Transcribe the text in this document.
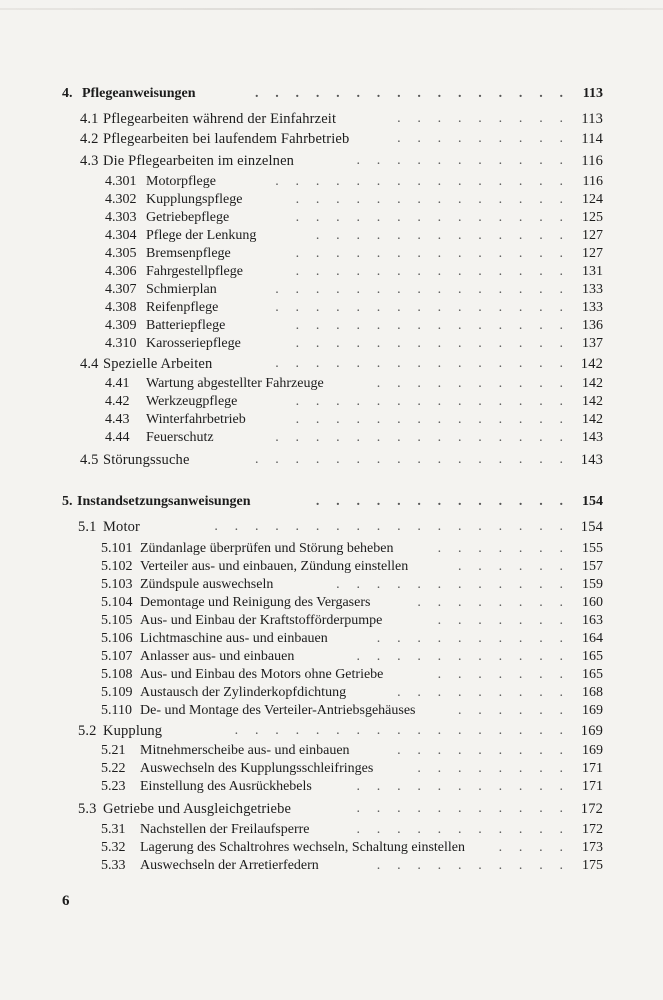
4. Pflegeanweisungen	113
.  .  .  .  .  .  .  .  .  .  .  .  .  .  .  .
4.1 Pflegearbeiten während der Einfahrzeit	113
.  .  .  .  .  .  .  .  .
4.2 Pflegearbeiten bei laufendem Fahrbetrieb	114
.  .  .  .  .  .  .  .  .
4.3 Die Pflegearbeiten im einzelnen	116
.  .  .  .  .  .  .  .  .  .  .
4.301 Motorpflege	116
.  .  .  .  .  .  .  .  .  .  .  .  .  .  .
4.302 Kupplungspflege	124
.  .  .  .  .  .  .  .  .  .  .  .  .  .
4.303 Getriebepflege	125
.  .  .  .  .  .  .  .  .  .  .  .  .  .
4.304 Pflege der Lenkung	127
.  .  .  .  .  .  .  .  .  .  .  .  .
4.305 Bremsenpflege	127
.  .  .  .  .  .  .  .  .  .  .  .  .  .
4.306 Fahrgestellpflege	131
.  .  .  .  .  .  .  .  .  .  .  .  .  .
4.307 Schmierplan	133
.  .  .  .  .  .  .  .  .  .  .  .  .  .  .
4.308 Reifenpflege	133
.  .  .  .  .  .  .  .  .  .  .  .  .  .  .
4.309 Batteriepflege	136
.  .  .  .  .  .  .  .  .  .  .  .  .  .
4.310 Karosseriepflege	137
.  .  .  .  .  .  .  .  .  .  .  .  .  .
4.4 Spezielle Arbeiten	142
.  .  .  .  .  .  .  .  .  .  .  .  .  .  .
4.41 Wartung abgestellter Fahrzeuge	142
.  .  .  .  .  .  .  .  .  .
4.42 Werkzeugpflege	142
.  .  .  .  .  .  .  .  .  .  .  .  .  .
4.43 Winterfahrbetrieb	142
.  .  .  .  .  .  .  .  .  .  .  .  .  .
4.44 Feuerschutz	143
.  .  .  .  .  .  .  .  .  .  .  .  .  .  .
4.5 Störungssuche	143
.  .  .  .  .  .  .  .  .  .  .  .  .  .  .  .
5. Instandsetzungsanweisungen	154
.  .  .  .  .  .  .  .  .  .  .  .  .
5.1 Motor	154
.  .  .  .  .  .  .  .  .  .  .  .  .  .  .  .  .  .
5.101 Zündanlage überprüfen und Störung beheben	155
.  .  .  .  .  .  .
5.102 Verteiler aus- und einbauen, Zündung einstellen	157
.  .  .  .  .  .
5.103 Zündspule auswechseln	159
.  .  .  .  .  .  .  .  .  .  .  .
5.104 Demontage und Reinigung des Vergasers	160
.  .  .  .  .  .  .  .
5.105 Aus- und Einbau der Kraftstofförderpumpe	163
.  .  .  .  .  .  .
5.106 Lichtmaschine aus- und einbauen	164
.  .  .  .  .  .  .  .  .  .
5.107 Anlasser aus- und einbauen	165
.  .  .  .  .  .  .  .  .  .  .
5.108 Aus- und Einbau des Motors ohne Getriebe	165
.  .  .  .  .  .  .
5.109 Austausch der Zylinderkopfdichtung	168
.  .  .  .  .  .  .  .  .
5.110 De- und Montage des Verteiler-Antriebsgehäuses	169
.  .  .  .  .  .
5.2 Kupplung	169
.  .  .  .  .  .  .  .  .  .  .  .  .  .  .  .  .
5.21 Mitnehmerscheibe aus- und einbauen	169
.  .  .  .  .  .  .  .  .
5.22 Auswechseln des Kupplungsschleifringes	171
.  .  .  .  .  .  .  .
5.23 Einstellung des Ausrückhebels	171
.  .  .  .  .  .  .  .  .  .  .
5.3 Getriebe und Ausgleichgetriebe	172
.  .  .  .  .  .  .  .  .  .  .
5.31 Nachstellen der Freilaufsperre	172
.  .  .  .  .  .  .  .  .  .  .
5.32 Lagerung des Schaltrohres wechseln, Schaltung einstellen	173
.  .  .  .
5.33 Auswechseln der Arretierfedern	175
.  .  .  .  .  .  .  .  .  .
6
